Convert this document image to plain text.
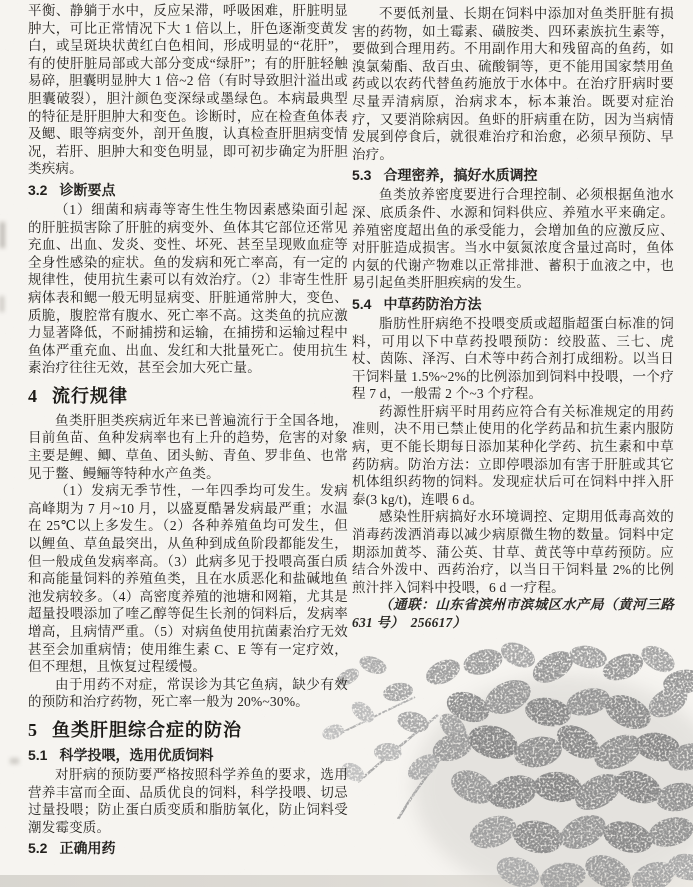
平衡、静躺于水中，反应呆滞，呼吸困难，肝脏明显肿大，可比正常情况下大 1 倍以上，肝色逐渐变黄发白，或呈斑块状黄红白色相间，形成明显的“花肝”，有的使肝脏局部或大部分变成“绿肝”；有的肝脏轻触易碎，胆囊明显肿大 1 倍~2 倍（有时导致胆汁溢出或胆囊破裂），胆汁颜色变深绿或墨绿色。本病最典型的特征是肝胆肿大和变色。诊断时，应在检查鱼体表及鳃、眼等病变外，剖开鱼腹，认真检查肝胆病变情况，若肝、胆肿大和变色明显，即可初步确定为肝胆类疾病。

3.2 诊断要点

（1）细菌和病毒等寄生性生物因素感染面引起的肝脏损害除了肝脏的病变外、鱼体其它部位还常见充血、出血、发炎、变性、坏死、甚至呈现败血症等全身性感染的症状。鱼的发病和死亡率高，有一定的规律性，使用抗生素可以有效治疗。（2）非寄生性肝病体表和鳃一般无明显病变、肝脏通常肿大，变色、质脆，腹腔常有腹水、死亡率不高。这类鱼的抗应激力显著降低，不耐捕捞和运输，在捕捞和运输过程中鱼体严重充血、出血、发红和大批量死亡。使用抗生素治疗往往无效，甚至会加大死亡量。

4 流行规律

鱼类肝胆类疾病近年来已普遍流行于全国各地，目前鱼苗、鱼种发病率也有上升的趋势，危害的对象主要是鲤、鲫、草鱼、团头鲂、青鱼、罗非鱼、也常见于鳖、鳗鲡等特种水产鱼类。

（1）发病无季节性，一年四季均可发生。发病高峰期为 7 月~10 月，以盛夏酷暑发病最严重；水温在 25℃以上多发生。（2）各种养殖鱼均可发生，但以鲤鱼、草鱼最突出，从鱼种到成鱼阶段都能发生，但一般成鱼发病率高。（3）此病多见于投喂高蛋白质和高能量饲料的养殖鱼类，且在水质恶化和盐碱地鱼池发病较多。（4）高密度养殖的池塘和网箱，尤其是超量投喂添加了喹乙醇等促生长剂的饲料后，发病率增高，且病情严重。（5）对病鱼使用抗菌素治疗无效甚至会加重病情；使用维生素 C、E 等有一定疗效，但不理想，且恢复过程缓慢。

由于用药不对症，常误诊为其它鱼病，缺少有效的预防和治疗药物，死亡率一般为 20%~30%。

5 鱼类肝胆综合症的防治
5.1 科学投喂，选用优质饲料

对肝病的预防要严格按照科学养鱼的要求，选用营养丰富而全面、品质优良的饲料，科学投喂、切忌过量投喂；防止蛋白质变质和脂肪氧化，防止饲料受潮发霉变质。

5.2 正确用药

不要低剂量、长期在饲料中添加对鱼类肝脏有损害的药物，如土霉素、磺胺类、四环素族抗生素等，要做到合理用药。不用副作用大和残留高的鱼药，如溴氯菊酯、敌百虫、硫酸铜等，更不能用国家禁用鱼药或以农药代替鱼药施放于水体中。在治疗肝病时要尽量弄清病原，治病求本，标本兼治。既要对症治疗，又要消除病因。鱼虾的肝病重在防，因为当病情发展到停食后，就很难治疗和治愈，必须早预防、早治疗。

5.3 合理密养，搞好水质调控

鱼类放养密度要进行合理控制、必须根据鱼池水深、底质条件、水源和饲料供应、养殖水平来确定。养殖密度超出鱼的承受能力，会增加鱼的应激反应、对肝脏造成损害。当水中氨氮浓度含量过高时，鱼体内氨的代谢产物难以正常排泄、蓄积于血液之中，也易引起鱼类肝胆疾病的发生。

5.4 中草药防治方法

脂肪性肝病绝不投喂变质或超脂超蛋白标准的饲料，可用以下中草药投喂预防：绞股蓝、三七、虎杖、茵陈、泽泻、白术等中药合剂打成细粉。以当日干饲料量 1.5%~2%的比例添加到饲料中投喂，一个疗程 7 d，一般需 2 个~3 个疗程。

药源性肝病平时用药应符合有关标准规定的用药准则，决不用已禁止使用的化学药品和抗生素内服防病，更不能长期每日添加某种化学药、抗生素和中草药防病。防治方法：立即停喂添加有害于肝脏或其它机体组织药物的饲料。发现症状后可在饲料中拌入肝泰(3 kg/t)，连喂 6 d。

感染性肝病搞好水环境调控、定期用低毒高效的消毒药泼洒消毒以减少病原微生物的数量。饲料中定期添加黄芩、蒲公英、甘草、黄芪等中草药预防。应结合外泼中、西药治疗，以当日干饲料量 2%的比例煎汁拌入饲料中投喂，6 d 一疗程。

（通联：山东省滨州市滨城区水产局（黄河三路 631 号）　256617）
